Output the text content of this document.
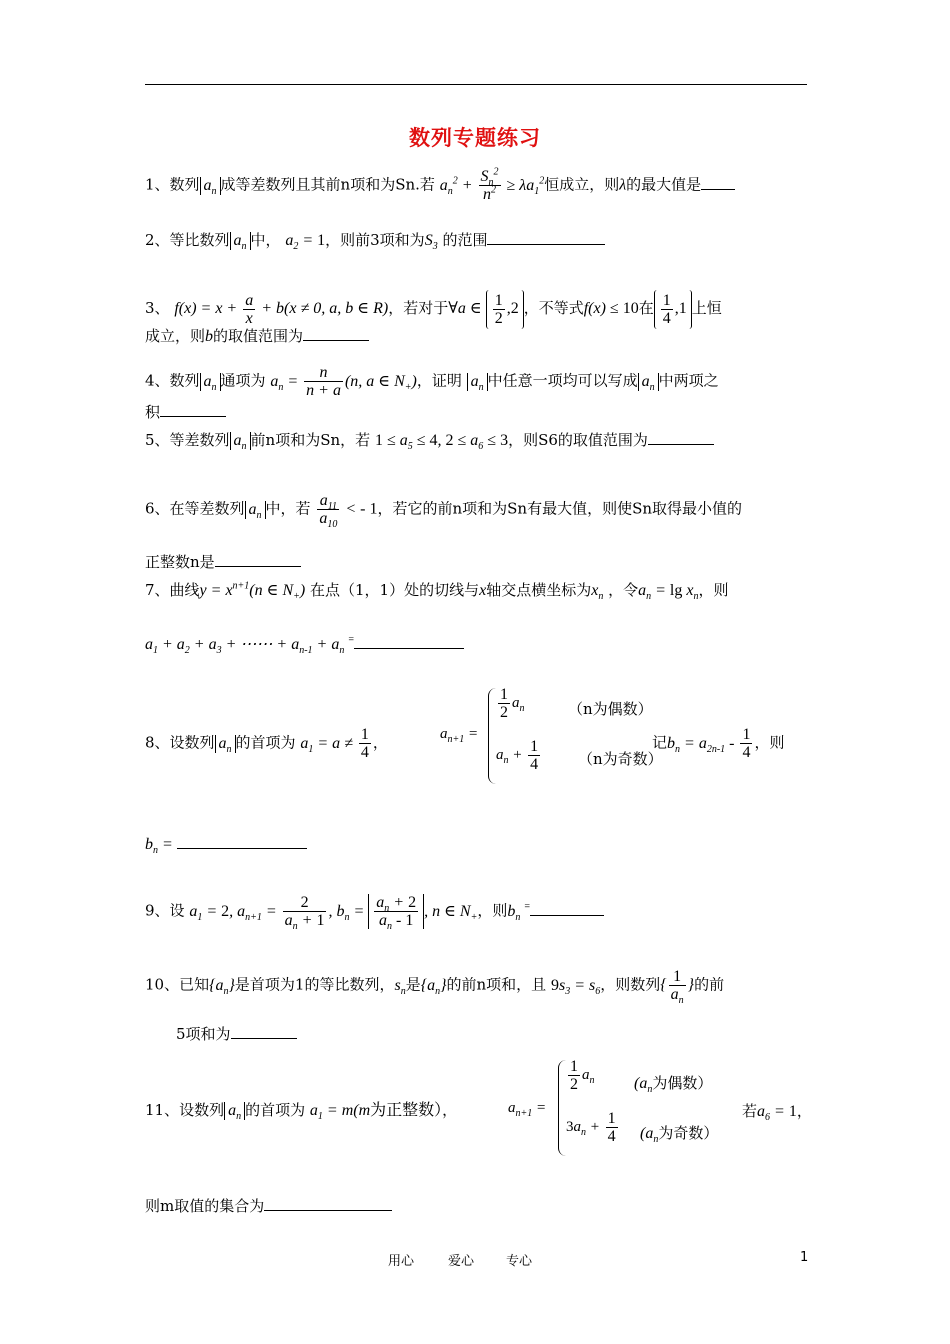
数列专题练习
1、数列 $a_n$ 成等差数列且其前n项和为Sn.若 $a_n^2 + \frac{S_n^2}{n^2} \ge \lambda a_1^2$恒成立，则λ的最大值是
2、等比数列 $a_n$ 中， $a_2 = 1$，则前3项和为$S_3$ 的范围
3、 $f(x) = x + \frac{a}{x} + b(x \ne 0$, a, b ∈ R)，若对于∀a ∈ $\frac{1}{2} ,2$ ，不等式f(x) ≤ 10在 $\frac{1}{4} ,1$ 上恒
成立，则b的取值范围为
4、数列 $a_n$ 通项为 $a_n = \frac{n}{n + a} (n$, a ∈ $N_+$)，证明 $a_n$ 中任意一项均可以写成 $a_n$ 中两项之
积
5、等差数列 $a_n$ 前n项和为Sn，若 $1 \le a_5 \le 4$, $2 \le a_6 \le 3$，则S6的取值范围为
6、在等差数列 $a_n$ 中，若 $\frac{a_{11}}{a_{10}}$ < - 1，若它的前n项和为Sn有最大值，则使Sn取得最小值的
正整数n是
7、曲线$y = x^{n+1}(n$ ∈ $N_+$) 在点（1，1）处的切线与x轴交点横坐标为$x_n$ ，令$a_n = \lg x_n$，则
$a_1 + a_2 + a_3$ + ⋯⋯ + $a_{n-1} + a_n$ =
8、设数列 $a_n$ 的首项为 $a_1 = a \ne \frac{1}{4}$ ，	$a_{n+1}$ =
$\frac{1}{2} a_n$	（n为偶数）
$a_n + \frac{1}{4}$	（n为奇数）
记$b_n = a_{2n-1} - \frac{1}{4}$ ，则
$b_n$ =
9、设 $a_1 = 2$, $a_{n+1} = \frac{2}{a_n + 1}$ , $b_n = \frac{a_n + 2}{a_n - 1}$ , n ∈ $N_+$，则$b_n$ =
10、已知$\{a_n\}$是首项为1的等比数列，$s_n$是$\{a_n\}$的前n项和，且 $9s_3 = s_6$，则数列{ $\frac{1}{a_n}$ }的前
5项和为
11、设数列 $a_n$ 的首项为 $a_1 = m(m$为正整数），	$a_{n+1}$ =
$\frac{1}{2} a_n$ ($a_n$为偶数）
$3a_n + \frac{1}{4} (a_n$为奇数）
若$a_6 = 1$，
则m取值的集合为
用心	爱心 专心	1
